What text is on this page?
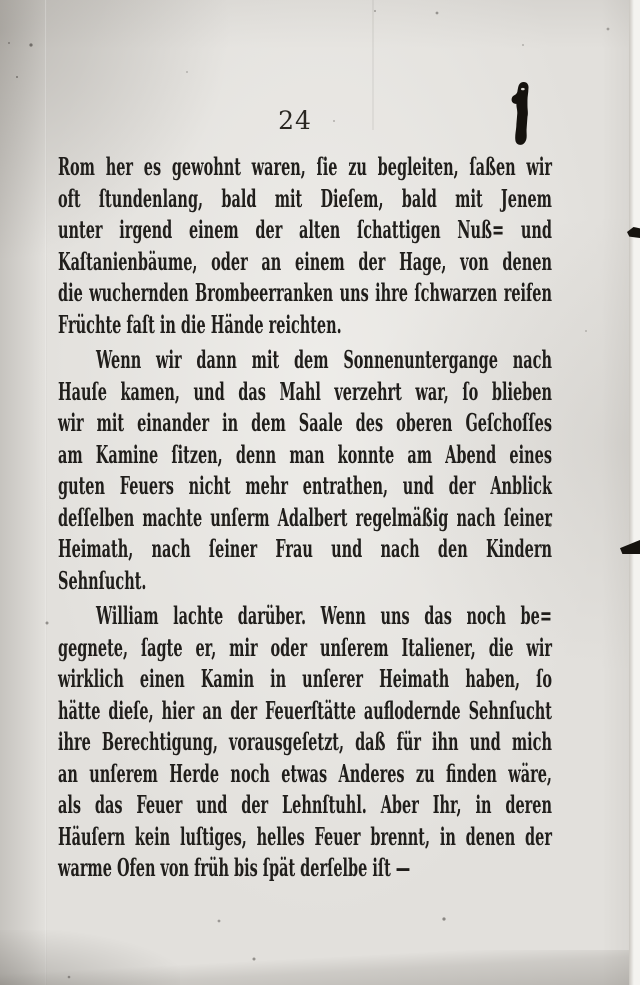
24
Rom her es gewohnt waren, ſie zu begleiten, ſaßen wir
oft ſtundenlang, bald mit Dieſem, bald mit Jenem
unter irgend einem der alten ſchattigen Nuß= und
Kaſtanienbäume, oder an einem der Hage, von denen
die wuchernden Brombeerranken uns ihre ſchwarzen reifen
Früchte faſt in die Hände reichten.
Wenn wir dann mit dem Sonnenuntergange nach
Hauſe kamen, und das Mahl verzehrt war, ſo blieben
wir mit einander in dem Saale des oberen Geſchoſſes
am Kamine ſitzen, denn man konnte am Abend eines
guten Feuers nicht mehr entrathen, und der Anblick
deſſelben machte unſerm Adalbert regelmäßig nach ſeiner
Heimath, nach ſeiner Frau und nach den Kindern
Sehnſucht.
William lachte darüber. Wenn uns das noch be=
gegnete, ſagte er, mir oder unſerem Italiener, die wir
wirklich einen Kamin in unſerer Heimath haben, ſo
hätte dieſe, hier an der Feuerſtätte auflodernde Sehnſucht
ihre Berechtigung, vorausgeſetzt, daß für ihn und mich
an unſerem Herde noch etwas Anderes zu finden wäre,
als das Feuer und der Lehnſtuhl. Aber Ihr, in deren
Häuſern kein luſtiges, helles Feuer brennt, in denen der
warme Ofen von früh bis ſpät derſelbe iſt —
